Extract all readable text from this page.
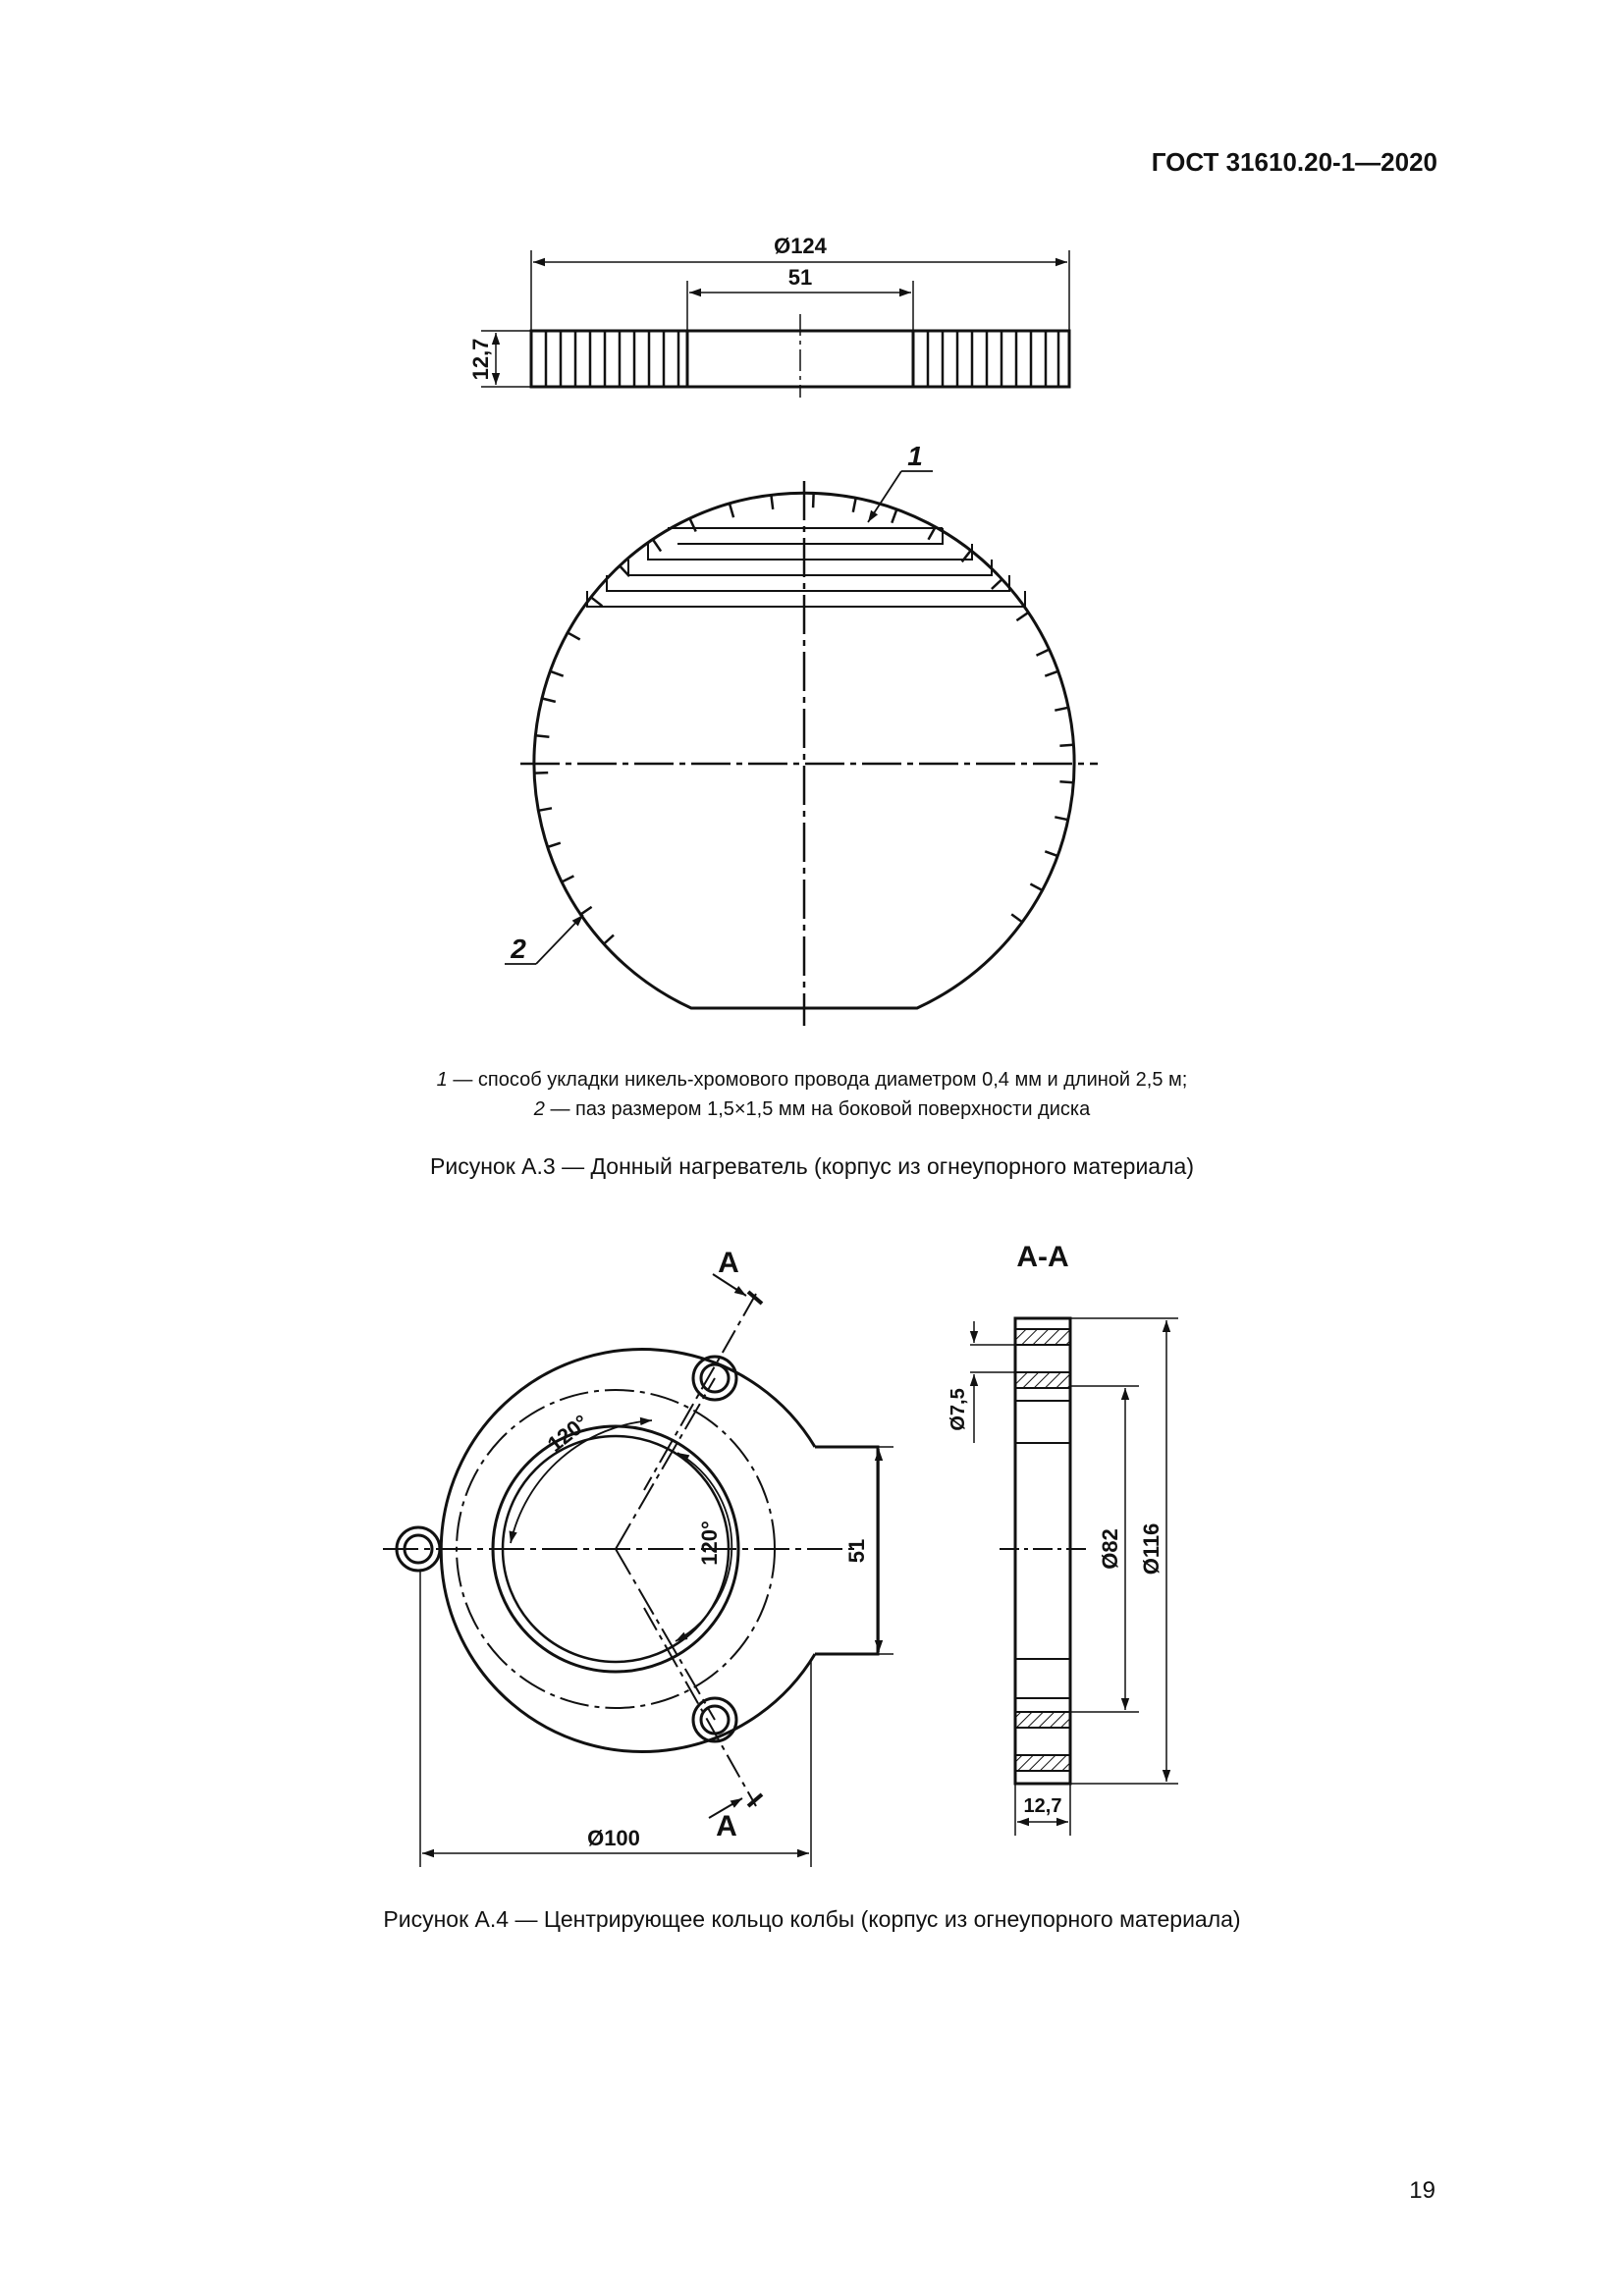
ГОСТ 31610.20-1—2020
Ø124
51
12,7
1
2
120°
120°	51
Ø100
А
А
А-А
Ø7,5
Ø82 Ø116
12,7
1 — способ укладки никель-хромового провода диаметром 0,4 мм и длиной 2,5 м;
2 — паз размером 1,5×1,5 мм на боковой поверхности диска
Рисунок А.3 — Донный нагреватель (корпус из огнеупорного материала)
Рисунок А.4 — Центрирующее кольцо колбы (корпус из огнеупорного материала)
19
